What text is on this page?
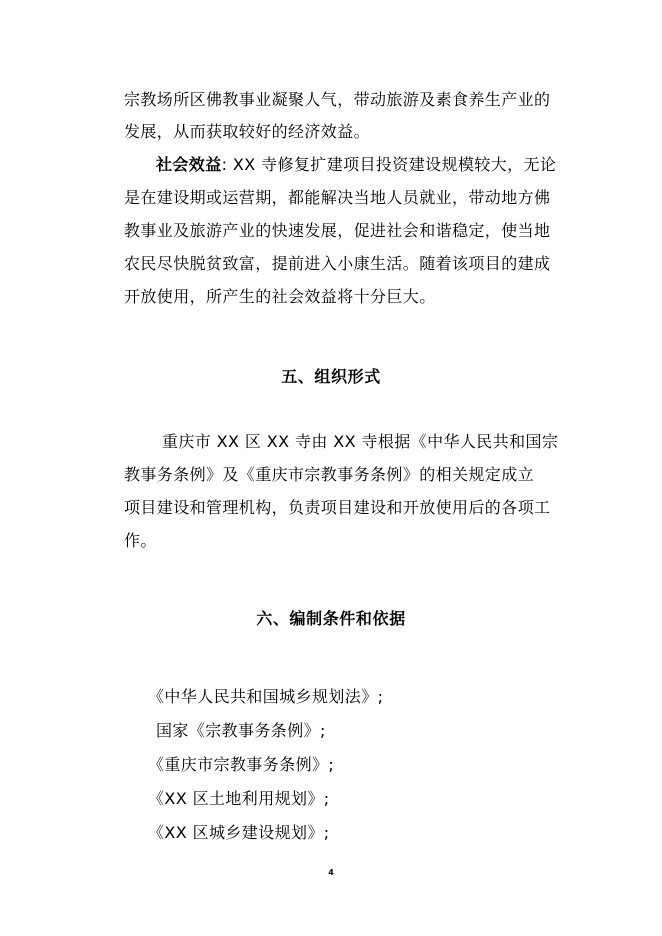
宗教场所区佛教事业凝聚人气，带动旅游及素食养生产业的
发展，从而获取较好的经济效益。
社会效益: XX 寺修复扩建项目投资建设规模较大，无论
是在建设期或运营期，都能解决当地人员就业，带动地方佛
教事业及旅游产业的快速发展，促进社会和谐稳定，使当地
农民尽快脱贫致富，提前进入小康生活。随着该项目的建成
开放使用，所产生的社会效益将十分巨大。
五、组织形式
重庆市 XX 区 XX 寺由 XX 寺根据《中华人民共和国宗
教事务条例》及《重庆市宗教事务条例》的相关规定成立
项目建设和管理机构，负责项目建设和开放使用后的各项工
作。
六、编制条件和依据
《中华人民共和国城乡规划法》;
国家《宗教事务条例》;
《重庆市宗教事务条例》;
《XX 区土地利用规划》;
《XX 区城乡建设规划》;
4
